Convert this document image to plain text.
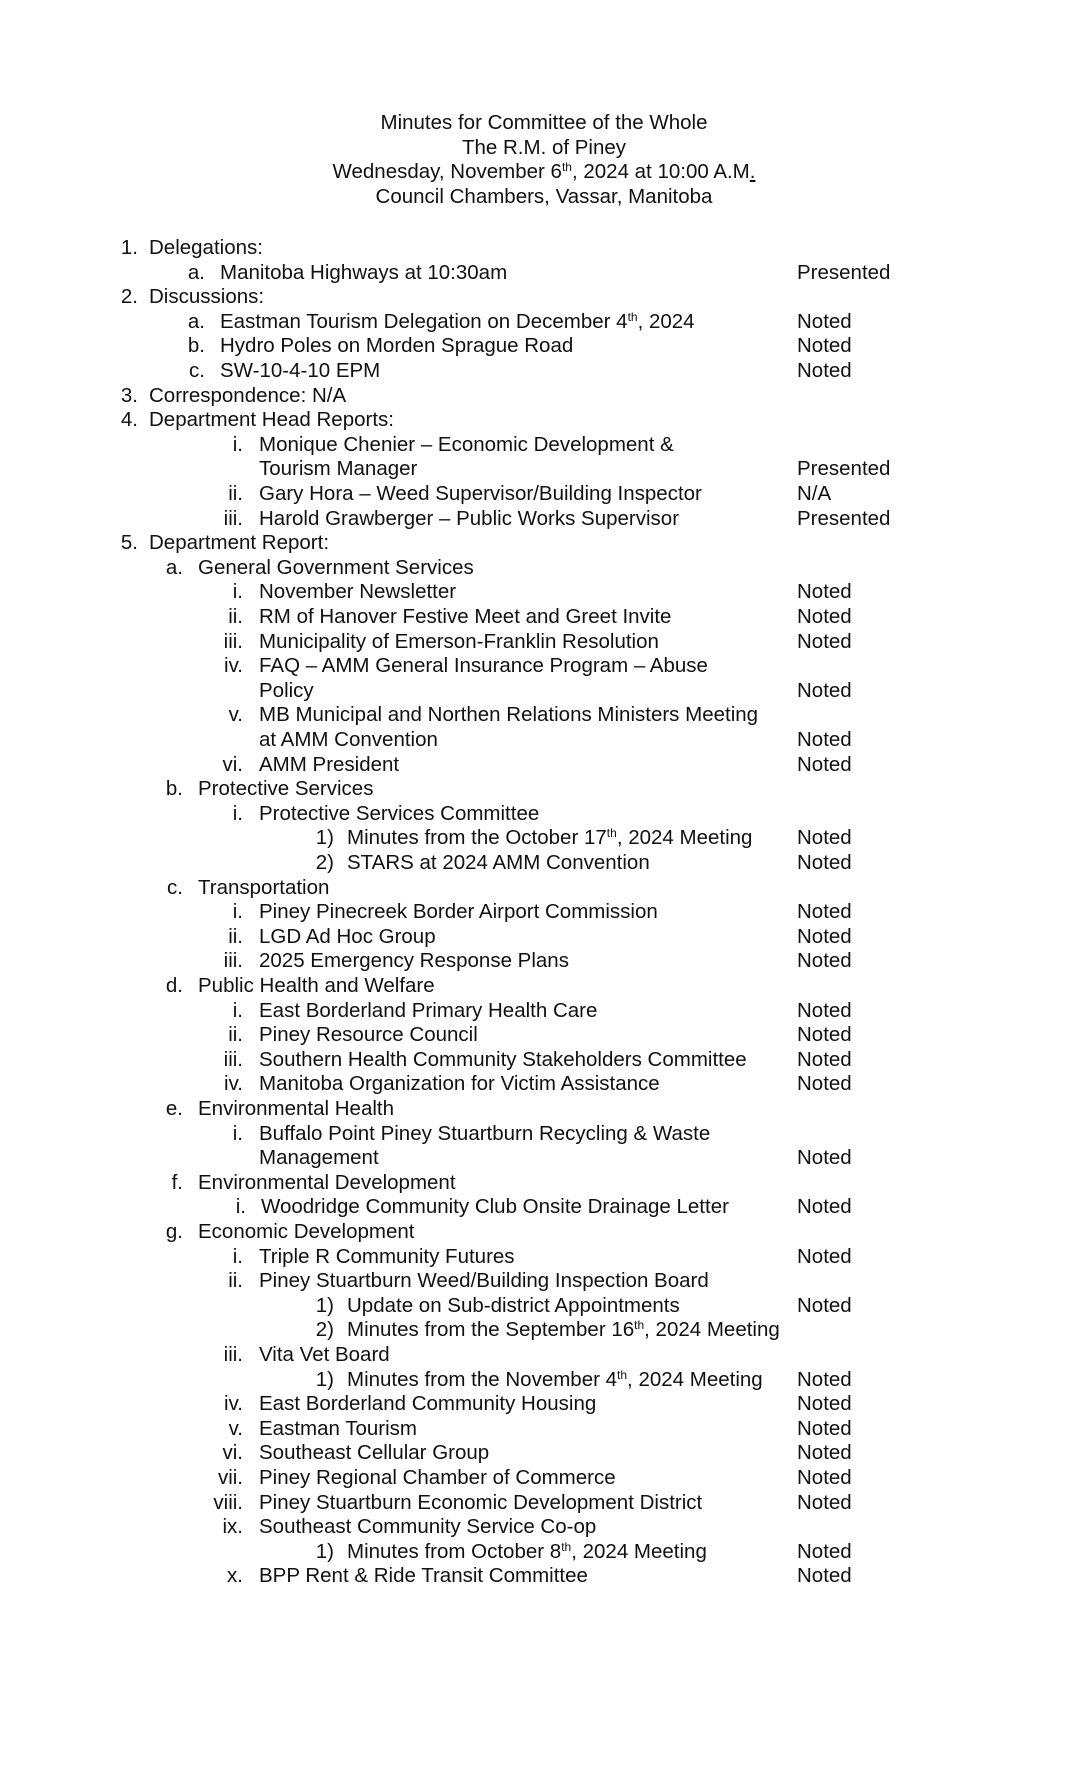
Minutes for Committee of the Whole
The R.M. of Piney
Wednesday, November 6th, 2024 at 10:00 A.M.
Council Chambers, Vassar, Manitoba
1. Delegations:
a. Manitoba Highways at 10:30am	Presented
2. Discussions:
a. Eastman Tourism Delegation on December 4th, 2024	Noted
b. Hydro Poles on Morden Sprague Road	Noted
c. SW-10-4-10 EPM	Noted
3. Correspondence: N/A
4. Department Head Reports:
i. Monique Chenier – Economic Development &
Tourism Manager	Presented
ii. Gary Hora – Weed Supervisor/Building Inspector	N/A
iii. Harold Grawberger – Public Works Supervisor	Presented
5. Department Report:
a. General Government Services
i. November Newsletter	Noted
ii. RM of Hanover Festive Meet and Greet Invite	Noted
iii. Municipality of Emerson-Franklin Resolution	Noted
iv. FAQ – AMM General Insurance Program – Abuse
Policy	Noted
v. MB Municipal and Northen Relations Ministers Meeting
at AMM Convention	Noted
vi. AMM President	Noted
b. Protective Services
i. Protective Services Committee
1) Minutes from the October 17th, 2024 Meeting Noted
2) STARS at 2024 AMM Convention	Noted
c. Transportation
i. Piney Pinecreek Border Airport Commission	Noted
ii. LGD Ad Hoc Group	Noted
iii. 2025 Emergency Response Plans	Noted
d. Public Health and Welfare
i. East Borderland Primary Health Care	Noted
ii. Piney Resource Council	Noted
iii. Southern Health Community Stakeholders Committee Noted
iv. Manitoba Organization for Victim Assistance	Noted
e. Environmental Health
i. Buffalo Point Piney Stuartburn Recycling & Waste
Management	Noted
f. Environmental Development
i. Woodridge Community Club Onsite Drainage Letter	Noted
g. Economic Development
i. Triple R Community Futures	Noted
ii. Piney Stuartburn Weed/Building Inspection Board
1) Update on Sub-district Appointments	Noted
2) Minutes from the September 16th, 2024 Meeting
iii. Vita Vet Board
1) Minutes from the November 4th, 2024 Meeting Noted
iv. East Borderland Community Housing	Noted
v. Eastman Tourism	Noted
vi. Southeast Cellular Group	Noted
vii. Piney Regional Chamber of Commerce	Noted
viii. Piney Stuartburn Economic Development District	Noted
ix. Southeast Community Service Co-op
1) Minutes from October 8th, 2024 Meeting	Noted
x. BPP Rent & Ride Transit Committee	Noted
